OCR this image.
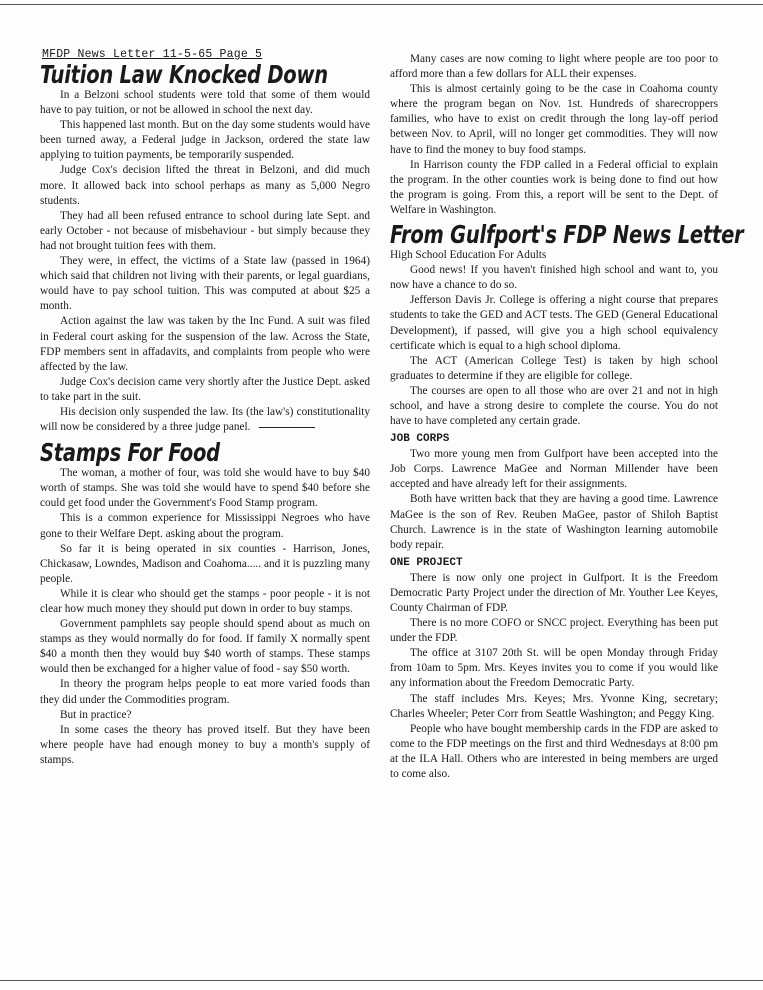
MFDP News Letter 11-5-65 Page 5

Tuition Law Knocked Down

In a Belzoni school students were told that some of them would have to pay tuition, or not be allowed in school the next day.

This happened last month. But on the day some students would have been turned away, a Federal judge in Jackson, ordered the state law applying to tuition payments, be temporarily suspended.

Judge Cox's decision lifted the threat in Belzoni, and did much more. It allowed back into school perhaps as many as 5,000 Negro students.

They had all been refused entrance to school during late Sept. and early October - not because of misbehaviour - but simply because they had not brought tuition fees with them.

They were, in effect, the victims of a State law (passed in 1964) which said that children not living with their parents, or legal guardians, would have to pay school tuition. This was computed at about $25 a month.

Action against the law was taken by the Inc Fund. A suit was filed in Federal court asking for the suspension of the law. Across the State, FDP members sent in affadavits, and complaints from people who were affected by the law.

Judge Cox's decision came very shortly after the Justice Dept. asked to take part in the suit.

His decision only suspended the law. Its (the law's) constitutionality will now be considered by a three judge panel.

Stamps For Food

The woman, a mother of four, was told she would have to buy $40 worth of stamps. She was told she would have to spend $40 before she could get food under the Government's Food Stamp program.

This is a common experience for Mississippi Negroes who have gone to their Welfare Dept. asking about the program.

So far it is being operated in six counties - Harrison, Jones, Chickasaw, Lowndes, Madison and Coahoma..... and it is puzzling many people.

While it is clear who should get the stamps - poor people - it is not clear how much money they should put down in order to buy stamps.

Government pamphlets say people should spend about as much on stamps as they would normally do for food. If family X normally spent $40 a month then they would buy $40 worth of stamps. These stamps would then be exchanged for a higher value of food - say $50 worth.

In theory the program helps people to eat more varied foods than they did under the Commodities program.

But in practice?

In some cases the theory has proved itself. But they have been where people have had enough money to buy a month's supply of stamps.

Many cases are now coming to light where people are too poor to afford more than a few dollars for ALL their expenses.

This is almost certainly going to be the case in Coahoma county where the program began on Nov. 1st. Hundreds of sharecroppers families, who have to exist on credit through the long lay-off period between Nov. to April, will no longer get commodities. They will now have to find the money to buy food stamps.

In Harrison county the FDP called in a Federal official to explain the program. In the other counties work is being done to find out how the program is going. From this, a report will be sent to the Dept. of Welfare in Washington.

From Gulfport's FDP News Letter

High School Education For Adults

Good news! If you haven't finished high school and want to, you now have a chance to do so.

Jefferson Davis Jr. College is offering a night course that prepares students to take the GED and ACT tests. The GED (General Educational Development), if passed, will give you a high school equivalency certificate which is equal to a high school diploma.

The ACT (American College Test) is taken by high school graduates to determine if they are eligible for college.

The courses are open to all those who are over 21 and not in high school, and have a strong desire to complete the course. You do not have to have completed any certain grade.

JOB CORPS

Two more young men from Gulfport have been accepted into the Job Corps. Lawrence MaGee and Norman Millender have been accepted and have already left for their assignments.

Both have written back that they are having a good time. Lawrence MaGee is the son of Rev. Reuben MaGee, pastor of Shiloh Baptist Church. Lawrence is in the state of Washington learning automobile body repair.

ONE PROJECT

There is now only one project in Gulfport. It is the Freedom Democratic Party Project under the direction of Mr. Youther Lee Keyes, County Chairman of FDP.

There is no more COFO or SNCC project. Everything has been put under the FDP.

The office at 3107 20th St. will be open Monday through Friday from 10am to 5pm. Mrs. Keyes invites you to come if you would like any information about the Freedom Democratic Party.

The staff includes Mrs. Keyes; Mrs. Yvonne King, secretary; Charles Wheeler; Peter Corr from Seattle Washington; and Peggy King.

People who have bought membership cards in the FDP are asked to come to the FDP meetings on the first and third Wednesdays at 8:00 pm at the ILA Hall. Others who are interested in being members are urged to come also.
